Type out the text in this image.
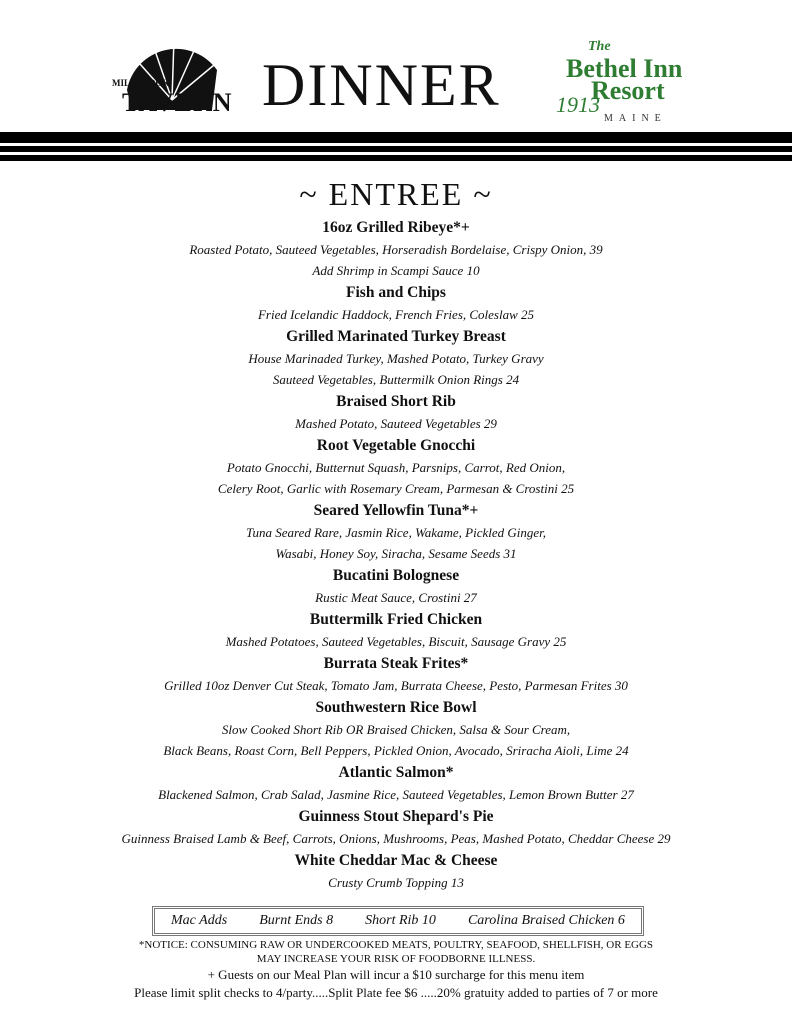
MILLBROOK
TAVERN DINNER
The
Bethel Inn
Resort
1913
MAINE
~ ENTREE ~
16oz Grilled Ribeye*+
Roasted Potato, Sauteed Vegetables, Horseradish Bordelaise, Crispy Onion, 39
Add Shrimp in Scampi Sauce 10
Fish and Chips
Fried Icelandic Haddock, French Fries, Coleslaw 25
Grilled Marinated Turkey Breast
House Marinaded Turkey, Mashed Potato, Turkey Gravy
Sauteed Vegetables, Buttermilk Onion Rings 24
Braised Short Rib
Mashed Potato, Sauteed Vegetables 29
Root Vegetable Gnocchi
Potato Gnocchi, Butternut Squash, Parsnips, Carrot, Red Onion,
Celery Root, Garlic with Rosemary Cream, Parmesan & Crostini 25
Seared Yellowfin Tuna*+
Tuna Seared Rare, Jasmin Rice, Wakame, Pickled Ginger,
Wasabi, Honey Soy, Siracha, Sesame Seeds 31
Bucatini Bolognese
Rustic Meat Sauce, Crostini 27
Buttermilk Fried Chicken
Mashed Potatoes, Sauteed Vegetables, Biscuit, Sausage Gravy 25
Burrata Steak Frites*
Grilled 10oz Denver Cut Steak, Tomato Jam, Burrata Cheese, Pesto, Parmesan Frites 30
Southwestern Rice Bowl
Slow Cooked Short Rib OR Braised Chicken, Salsa & Sour Cream,
Black Beans, Roast Corn, Bell Peppers, Pickled Onion, Avocado, Sriracha Aioli, Lime 24
Atlantic Salmon*
Blackened Salmon, Crab Salad, Jasmine Rice, Sauteed Vegetables, Lemon Brown Butter 27
Guinness Stout Shepard's Pie
Guinness Braised Lamb & Beef, Carrots, Onions, Mushrooms, Peas, Mashed Potato, Cheddar Cheese 29
White Cheddar Mac & Cheese
Crusty Crumb Topping 13
Mac Adds Burnt Ends 8 Short Rib 10 Carolina Braised Chicken 6
*NOTICE: CONSUMING RAW OR UNDERCOOKED MEATS, POULTRY, SEAFOOD, SHELLFISH, OR EGGS
MAY INCREASE YOUR RISK OF FOODBORNE ILLNESS.
+ Guests on our Meal Plan will incur a $10 surcharge for this menu item
Please limit split checks to 4/party.....Split Plate fee $6 .....20% gratuity added to parties of 7 or more
